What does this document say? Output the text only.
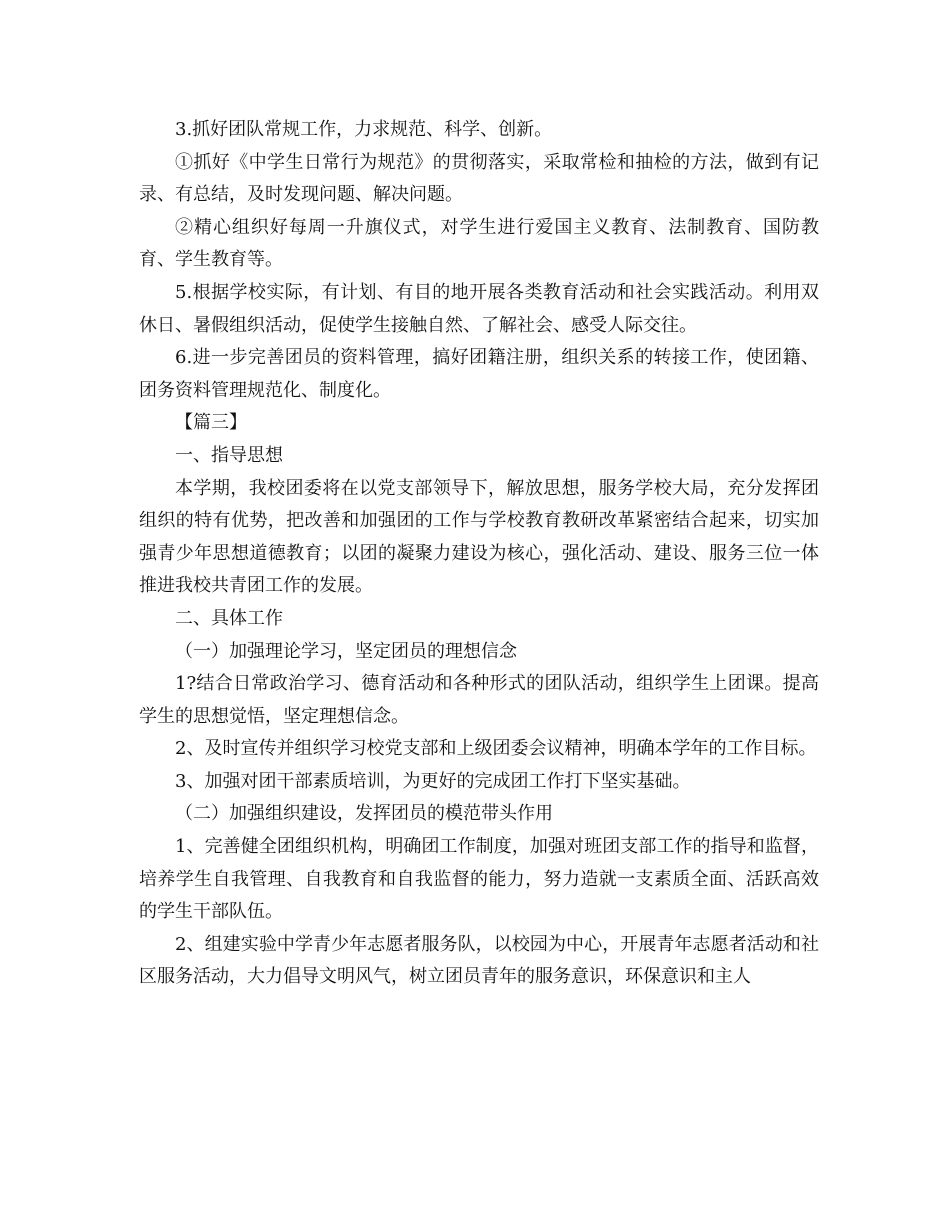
3.抓好团队常规工作，力求规范、科学、创新。

①抓好《中学生日常行为规范》的贯彻落实，采取常检和抽检的方法，做到有记录、有总结，及时发现问题、解决问题。

②精心组织好每周一升旗仪式，对学生进行爱国主义教育、法制教育、国防教育、学生教育等。

5.根据学校实际，有计划、有目的地开展各类教育活动和社会实践活动。利用双休日、暑假组织活动，促使学生接触自然、了解社会、感受人际交往。

6.进一步完善团员的资料管理，搞好团籍注册，组织关系的转接工作，使团籍、团务资料管理规范化、制度化。

【篇三】

一、指导思想

本学期，我校团委将在以党支部领导下，解放思想，服务学校大局，充分发挥团组织的特有优势，把改善和加强团的工作与学校教育教研改革紧密结合起来，切实加强青少年思想道德教育；以团的凝聚力建设为核心，强化活动、建设、服务三位一体推进我校共青团工作的发展。

二、具体工作

（一）加强理论学习，坚定团员的理想信念

1?结合日常政治学习、德育活动和各种形式的团队活动，组织学生上团课。提高学生的思想觉悟，坚定理想信念。

2、及时宣传并组织学习校党支部和上级团委会议精神，明确本学年的工作目标。

3、加强对团干部素质培训，为更好的完成团工作打下坚实基础。

（二）加强组织建设，发挥团员的模范带头作用

1、完善健全团组织机构，明确团工作制度，加强对班团支部工作的指导和监督，培养学生自我管理、自我教育和自我监督的能力，努力造就一支素质全面、活跃高效的学生干部队伍。

2、组建实验中学青少年志愿者服务队，以校园为中心，开展青年志愿者活动和社区服务活动，大力倡导文明风气，树立团员青年的服务意识，环保意识和主人
